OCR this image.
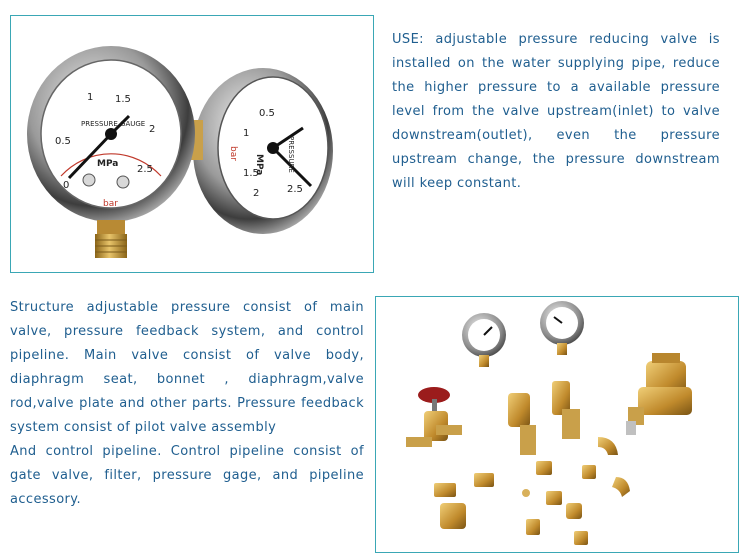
0.5
1
1.5
2	2.5
PRESSURE
MPa
bar
0
0.5
1 1.5
2
2.5
PRESSURE GAUGE
MPa
bar

USE: adjustable pressure reducing valve is installed on the water supplying pipe, reduce the higher pressure to a available pressure level from the valve upstream(inlet) to valve downstream(outlet), even the pressure upstream change, the pressure downstream will keep constant.

Structure adjustable pressure consist of main valve, pressure feedback system, and control pipeline. Main valve consist of valve body, diaphragm seat, bonnet , diaphragm,valve rod,valve plate and other parts. Pressure feedback system consist of pilot valve assembly

And control pipeline. Control pipeline consist of gate valve, filter, pressure gage, and pipeline accessory.
